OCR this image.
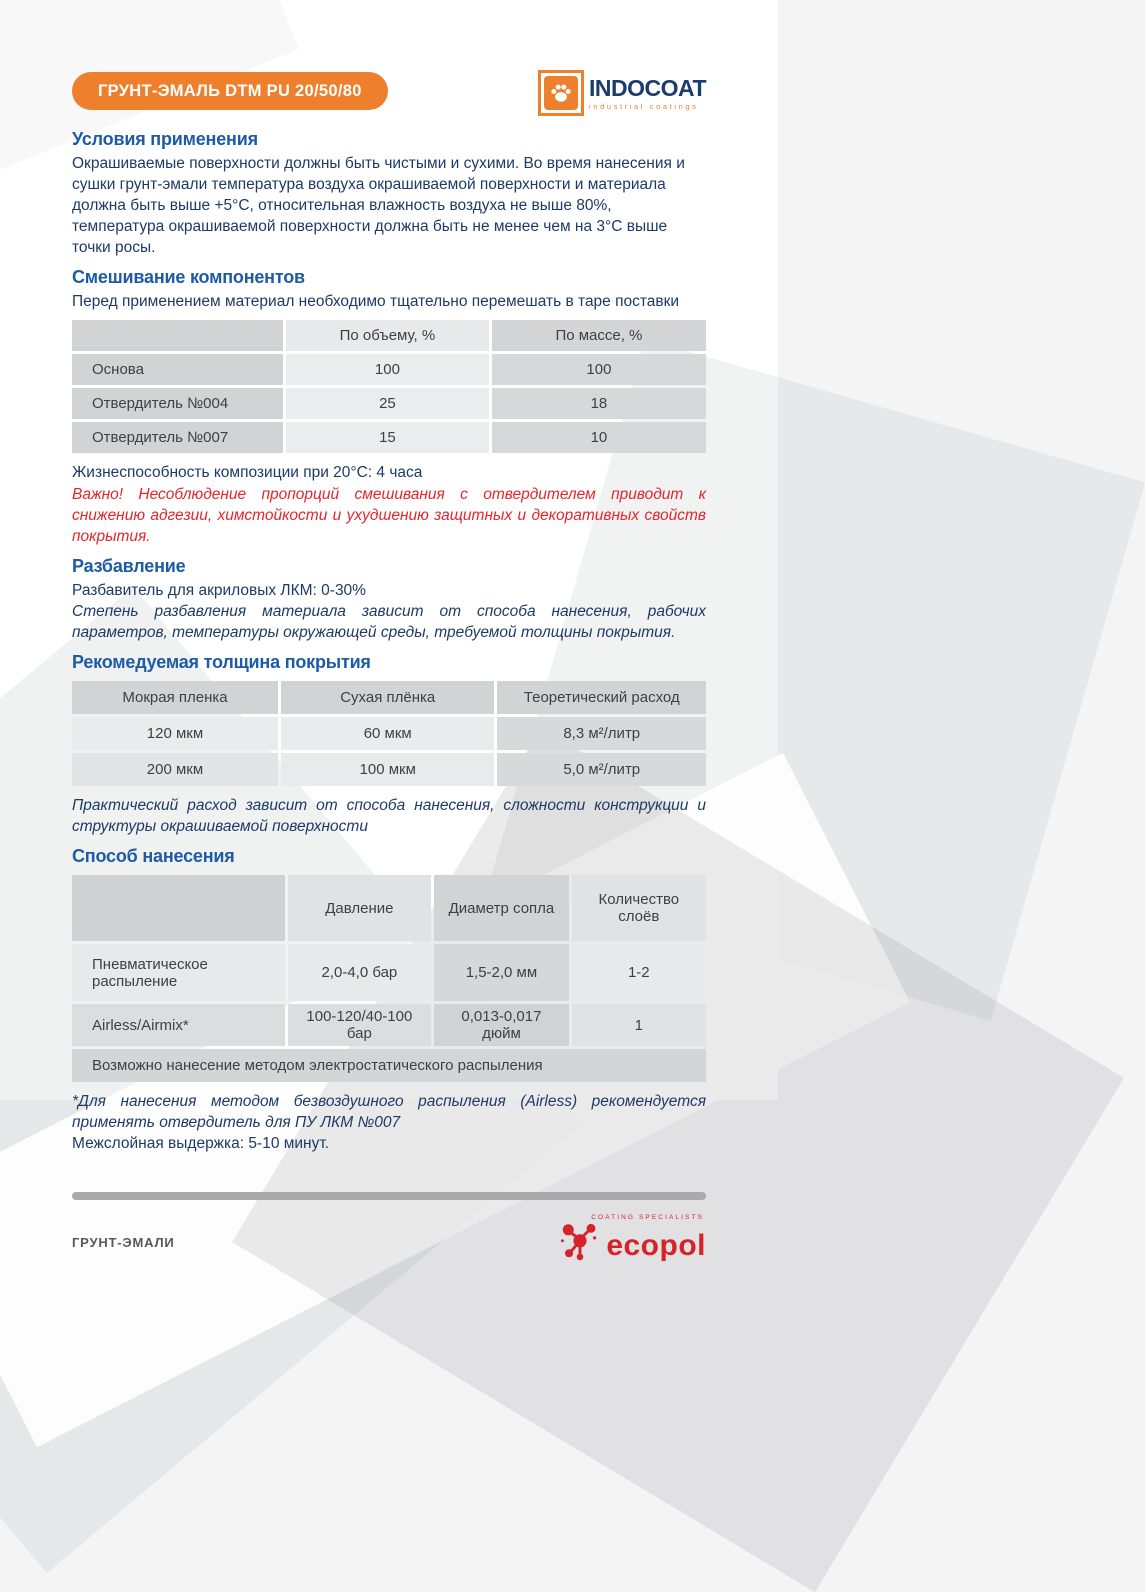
ГРУНТ-ЭМАЛЬ DTM PU 20/50/80	INDOCOAT
industrial coatings
Условия применения

Окрашиваемые поверхности должны быть чистыми и сухими. Во время нанесения и сушки грунт-эмали температура воздуха окрашиваемой поверхности и материала должна быть выше +5°С, относительная влажность воздуха не выше 80%, температура окрашиваемой поверхности должна быть не менее чем на 3°С выше точки росы.

Смешивание компонентов

Перед применением материал необходимо тщательно перемешать в таре поставки

	По объему, %	По массе, %
Основа	100	100
Отвердитель №004	25	18
Отвердитель №007	15	10

Жизнеспособность композиции при 20°С: 4 часа

Важно! Несоблюдение пропорций смешивания с отвердителем приводит к снижению адгезии, химстойкости и ухудшению защитных и декоративных свойств покрытия.

Разбавление

Разбавитель для акриловых ЛКМ: 0-30%

Степень разбавления материала зависит от способа нанесения, рабочих параметров, температуры окружающей среды, требуемой толщины покрытия.

Рекомедуемая толщина покрытия
Мокрая пленка	Сухая плёнка	Теоретический расход
120 мкм	60 мкм	8,3 м²/литр
200 мкм	100 мкм	5,0 м²/литр

Практический расход зависит от способа нанесения, сложности конструкции и структуры окрашиваемой поверхности

Способ нанесения
	Давление	Диаметр сопла	Количество слоёв
Пневматическое распыление	2,0-4,0 бар	1,5-2,0 мм	1-2
Airless/Airmix*	100-120/40-100 бар	0,013-0,017 дюйм	1
Возможно нанесение методом электростатического распыления			

*Для нанесения методом безвоздушного распыления (Airless) рекомендуется применять отвердитель для ПУ ЛКМ №007

Межслойная выдержка: 5-10 минут.

ГРУНТ-ЭМАЛИ
COATING SPECIALISTS
ecopol
